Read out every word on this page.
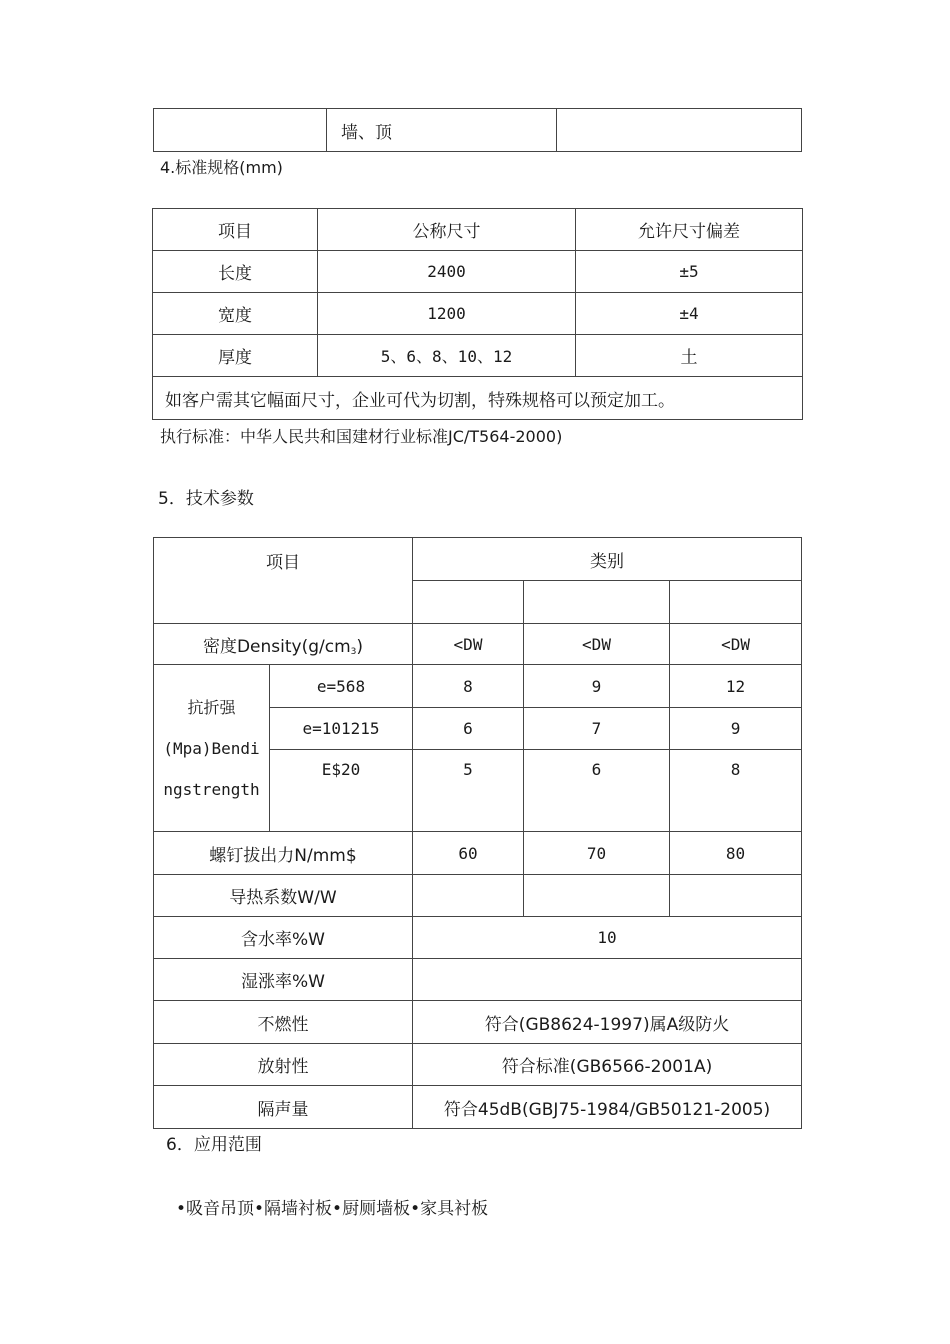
	墙、顶	
4.标准规格(mm)
项目	公称尺寸	允许尺寸偏差
长度	2400	±5
宽度	1200	±4
厚度	5、6、8、10、12	土
如客户需其它幅面尺寸，企业可代为切割，特殊规格可以预定加工。		
执行标准：中华人民共和国建材行业标准JC/T564-2000)
5．技术参数
项目		类别		

密度$Density(g/cm_3)$		<DW	<DW	<DW

抗折强
(Mpa)Bendi
ngstrength	e=568	8	9	12
	e=101215	6	7	9
	E$20	5	6	8
螺钉拔出力N/mm$		60	70	80
导热系数W/W				
含水率%W		10		
湿涨率%W				
不燃性		符合(GB8624-1997)属A级防火		
放射性		符合标准(GB6566-2001A)		
隔声量		符合45dB(GBJ75-1984/GB50121-2005)		
6．应用范围
•吸音吊顶•隔墙衬板•厨厕墙板•家具衬板
